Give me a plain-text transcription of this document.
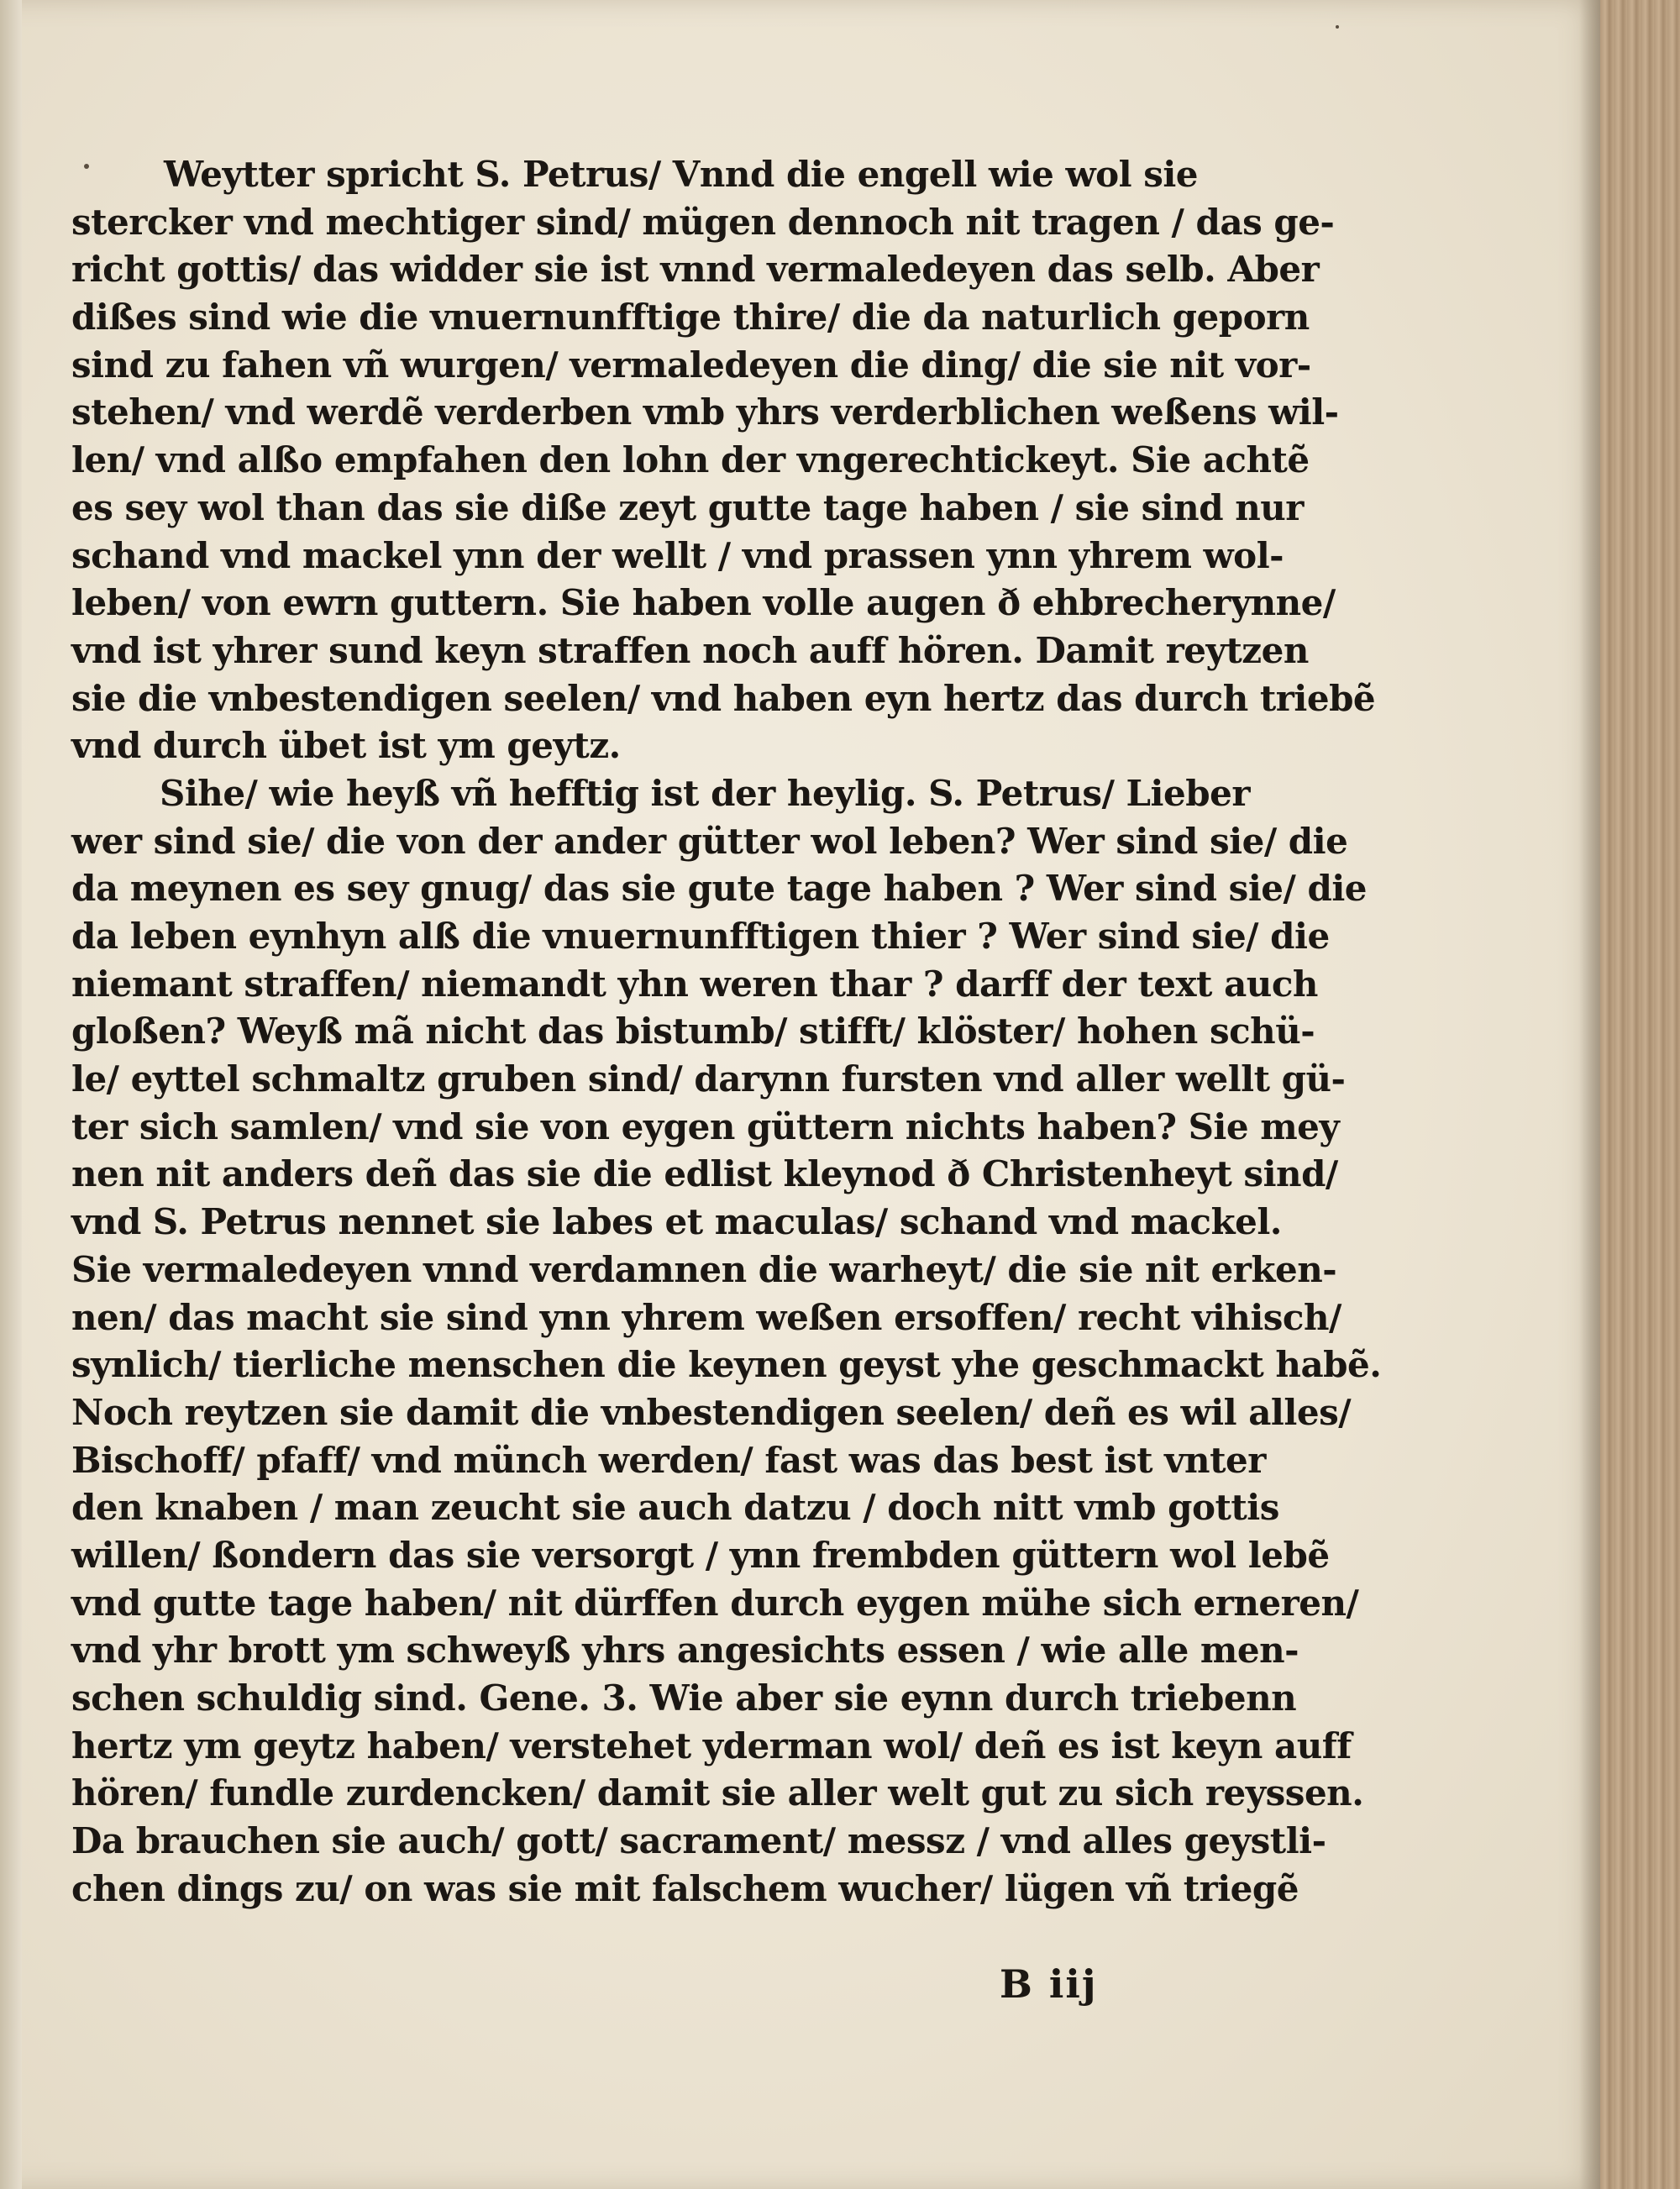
Weytter spricht S. Petrus/ Vnnd die engell wie wol sie
stercker vnd mechtiger sind/ mügen dennoch nit tragen / das ge-
richt gottis/ das widder sie ist vnnd vermaledeyen das selb. Aber
dißes sind wie die vnuernunfftige thire/ die da naturlich geporn
sind zu fahen vñ wurgen/ vermaledeyen die ding/ die sie nit vor-
stehen/ vnd werdẽ verderben vmb yhrs verderblichen weßens wil-
len/ vnd alßo empfahen den lohn der vngerechtickeyt. Sie achtẽ
es sey wol than das sie diße zeyt gutte tage haben / sie sind nur
schand vnd mackel ynn der wellt / vnd prassen ynn yhrem wol-
leben/ von ewrn guttern. Sie haben volle augen ð ehbrecherynne/
vnd ist yhrer sund keyn straffen noch auff hören. Damit reytzen
sie die vnbestendigen seelen/ vnd haben eyn hertz das durch triebẽ
vnd durch übet ist ym geytz.
Sihe/ wie heyß vñ hefftig ist der heylig. S. Petrus/ Lieber
wer sind sie/ die von der ander gütter wol leben? Wer sind sie/ die
da meynen es sey gnug/ das sie gute tage haben ? Wer sind sie/ die
da leben eynhyn alß die vnuernunfftigen thier ? Wer sind sie/ die
niemant straffen/ niemandt yhn weren thar ? darff der text auch
gloßen? Weyß mã nicht das bistumb/ stifft/ klöster/ hohen schü-
le/ eyttel schmaltz gruben sind/ darynn fursten vnd aller wellt gü-
ter sich samlen/ vnd sie von eygen güttern nichts haben? Sie mey
nen nit anders deñ das sie die edlist kleynod ð Christenheyt sind/
vnd S. Petrus nennet sie labes et maculas/ schand vnd mackel.
Sie vermaledeyen vnnd verdamnen die warheyt/ die sie nit erken-
nen/ das macht sie sind ynn yhrem weßen ersoffen/ recht vihisch/
synlich/ tierliche menschen die keynen geyst yhe geschmackt habẽ.
Noch reytzen sie damit die vnbestendigen seelen/ deñ es wil alles/
Bischoff/ pfaff/ vnd münch werden/ fast was das best ist vnter
den knaben / man zeucht sie auch datzu / doch nitt vmb gottis
willen/ ßondern das sie versorgt / ynn frembden güttern wol lebẽ
vnd gutte tage haben/ nit dürffen durch eygen mühe sich erneren/
vnd yhr brott ym schweyß yhrs angesichts essen / wie alle men-
schen schuldig sind. Gene. 3. Wie aber sie eynn durch triebenn
hertz ym geytz haben/ verstehet yderman wol/ deñ es ist keyn auff
hören/ fundle zurdencken/ damit sie aller welt gut zu sich reyssen.
Da brauchen sie auch/ gott/ sacrament/ messz / vnd alles geystli-
chen dings zu/ on was sie mit falschem wucher/ lügen vñ triegẽ
B iij
